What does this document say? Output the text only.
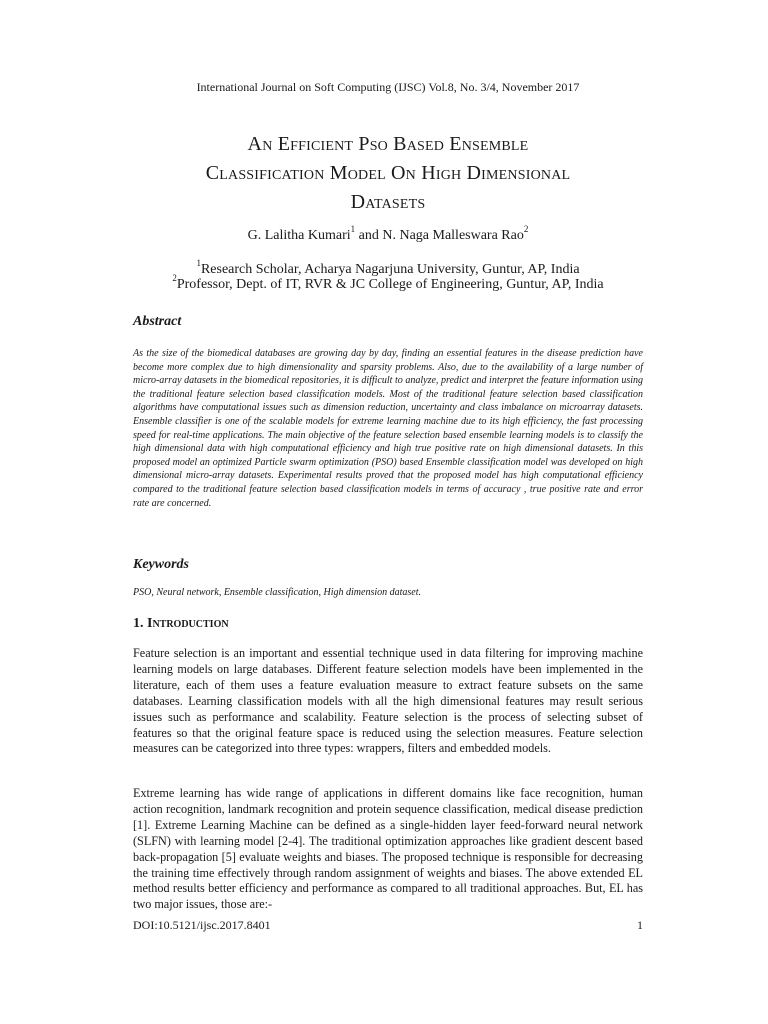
International Journal on Soft Computing (IJSC) Vol.8, No. 3/4, November 2017
An Efficient Pso Based Ensemble
Classification Model On High Dimensional
Datasets
G. Lalitha Kumari$^1$ and N. Naga Malleswara Rao$^2$
$^1$Research Scholar, Acharya Nagarjuna University, Guntur, AP, India
$^2$Professor, Dept. of IT, RVR & JC College of Engineering, Guntur, AP, India
Abstract
As the size of the biomedical databases are growing day by day, finding an essential features in the disease prediction have become more complex due to high dimensionality and sparsity problems. Also, due to the availability of a large number of micro-array datasets in the biomedical repositories, it is difficult to analyze, predict and interpret the feature information using the traditional feature selection based classification models. Most of the traditional feature selection based classification algorithms have computational issues such as dimension reduction, uncertainty and class imbalance on microarray datasets. Ensemble classifier is one of the scalable models for extreme learning machine due to its high efficiency, the fast processing speed for real-time applications. The main objective of the feature selection based ensemble learning models is to classify the high dimensional data with high computational efficiency and high true positive rate on high dimensional datasets. In this proposed model an optimized Particle swarm optimization (PSO) based Ensemble classification model was developed on high dimensional micro-array datasets. Experimental results proved that the proposed model has high computational efficiency compared to the traditional feature selection based classification models in terms of accuracy , true positive rate and error rate are concerned.
Keywords
PSO, Neural network, Ensemble classification, High dimension dataset.
1. Introduction
Feature selection is an important and essential technique used in data filtering for improving machine learning models on large databases. Different feature selection models have been implemented in the literature, each of them uses a feature evaluation measure to extract feature subsets on the same databases. Learning classification models with all the high dimensional features may result serious issues such as performance and scalability. Feature selection is the process of selecting subset of features so that the original feature space is reduced using the selection measures. Feature selection measures can be categorized into three types: wrappers, filters and embedded models.
Extreme learning has wide range of applications in different domains like face recognition, human action recognition, landmark recognition and protein sequence classification, medical disease prediction [1]. Extreme Learning Machine can be defined as a single-hidden layer feed-forward neural network (SLFN) with learning model [2-4]. The traditional optimization approaches like gradient descent based back-propagation [5] evaluate weights and biases. The proposed technique is responsible for decreasing the training time effectively through random assignment of weights and biases. The above extended EL method results better efficiency and performance as compared to all traditional approaches. But, EL has two major issues, those are:-
DOI:10.5121/ijsc.2017.8401	1
